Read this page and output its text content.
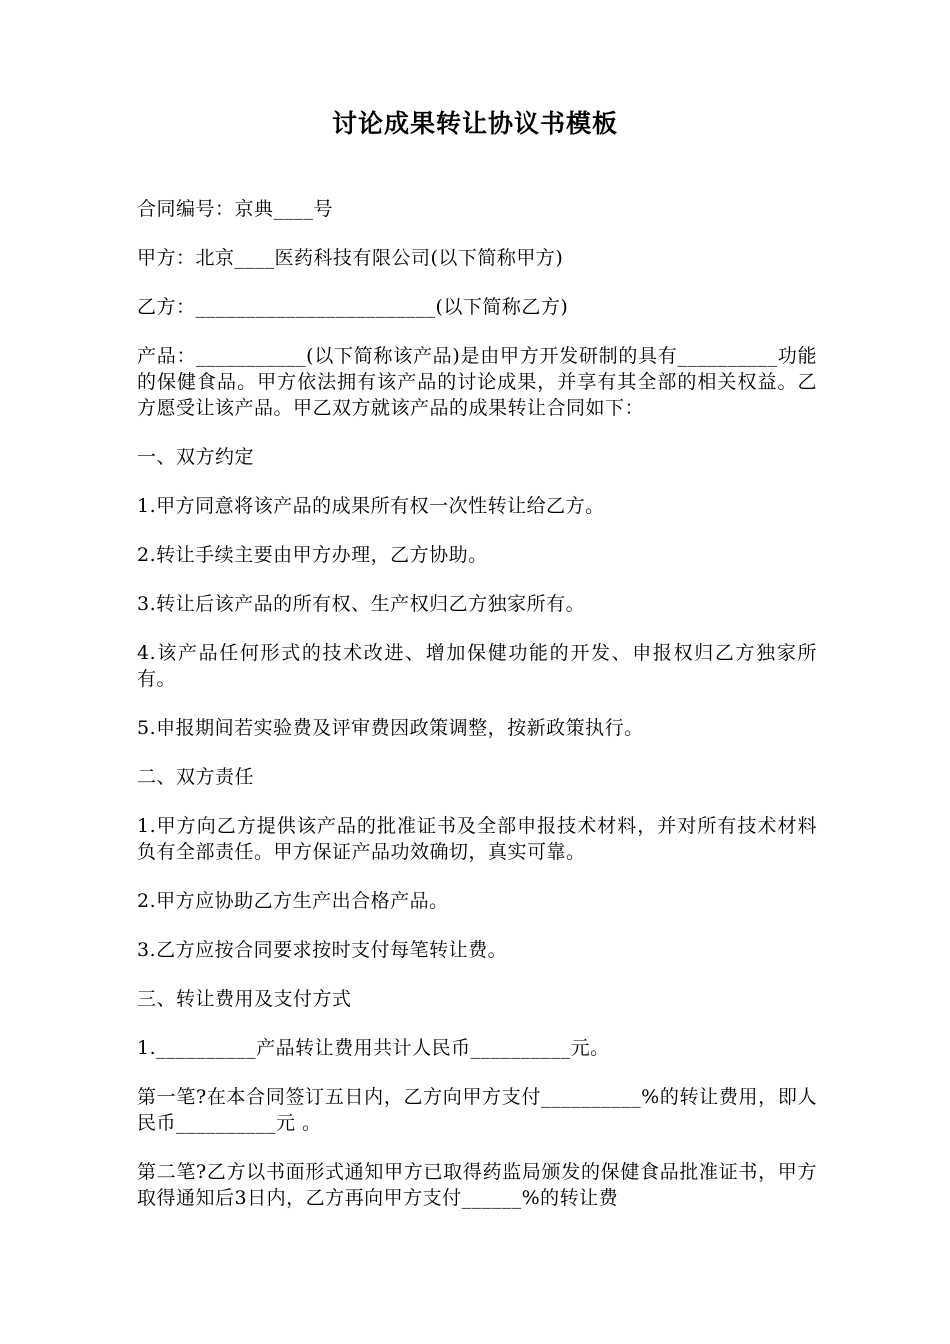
讨论成果转让协议书模板

合同编号：京典____号

甲方：北京____医药科技有限公司(以下简称甲方)

乙方：________________________(以下简称乙方)

产品：___________(以下简称该产品)是由甲方开发研制的具有__________功能的保健食品。甲方依法拥有该产品的讨论成果，并享有其全部的相关权益。乙方愿受让该产品。甲乙双方就该产品的成果转让合同如下：

一、双方约定

1.甲方同意将该产品的成果所有权一次性转让给乙方。

2.转让手续主要由甲方办理，乙方协助。

3.转让后该产品的所有权、生产权归乙方独家所有。

4.该产品任何形式的技术改进、增加保健功能的开发、申报权归乙方独家所有。

5.申报期间若实验费及评审费因政策调整，按新政策执行。

二、双方责任

1.甲方向乙方提供该产品的批准证书及全部申报技术材料，并对所有技术材料负有全部责任。甲方保证产品功效确切，真实可靠。

2.甲方应协助乙方生产出合格产品。

3.乙方应按合同要求按时支付每笔转让费。

三、转让费用及支付方式

1.__________产品转让费用共计人民币__________元。

第一笔?在本合同签订五日内，乙方向甲方支付__________%的转让费用，即人民币__________元 。

第二笔?乙方以书面形式通知甲方已取得药监局颁发的保健食品批准证书，甲方取得通知后3日内，乙方再向甲方支付______%的转让费
